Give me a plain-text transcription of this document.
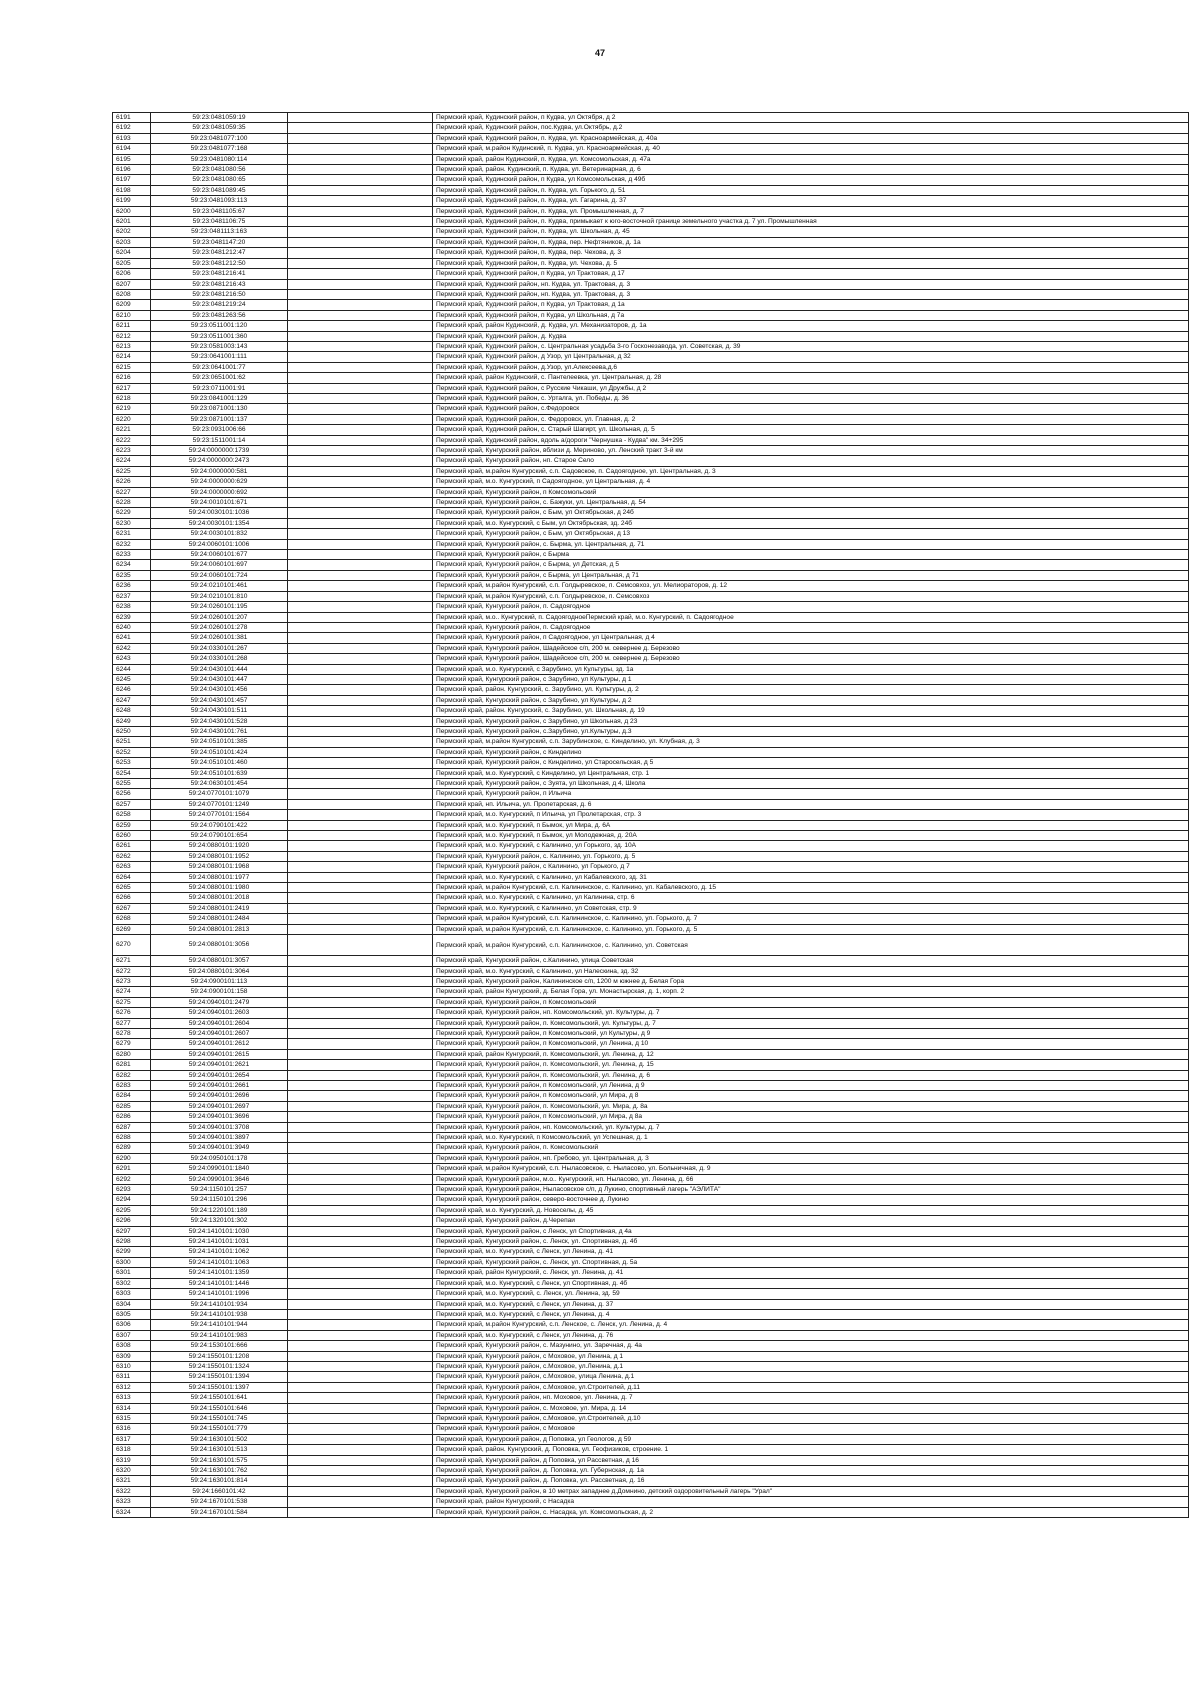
47
6191	59:23:0481059:19		Пермский край, Кудинский район, п Кудва, ул Октября, д 2
6192	59:23:0481059:35		Пермский край, Кудинский район, пос.Кудва, ул.Октябрь, д.2
6193	59:23:0481077:100		Пермский край, Кудинский район, п. Кудва, ул. Красноармейская, д. 40а
6194	59:23:0481077:168		Пермский край, м.район Кудинский, п. Кудва, ул. Красноармейская, д. 40
6195	59:23:0481080:114		Пермский край, район Кудинский, п. Кудва, ул. Комсомольская, д. 47а
6196	59:23:0481080:56		Пермский край, район. Кудинский, п. Кудва, ул. Ветеринарная, д. 6
6197	59:23:0481080:65		Пермский край, Кудинский район, п Кудва, ул Комсомольская, д 49б
6198	59:23:0481089:45		Пермский край, Кудинский район, п. Кудва, ул. Горького, д. 51
6199	59:23:0481093:113		Пермский край, Кудинский район, п. Кудва, ул. Гагарина, д. 37
6200	59:23:0481105:67		Пермский край, Кудинский район, п. Кудва, ул. Промышленная, д. 7
6201	59:23:0481106:75		Пермский край, Кудинский район, п. Кудва, примыкает к юго-восточной границе земельного участка д. 7 ул. Промышленная
6202	59:23:0481113:163		Пермский край, Кудинский район, п. Кудва, ул. Школьная, д. 45
6203	59:23:0481147:20		Пермский край, Кудинский район, п. Кудва, пер. Нефтяников, д. 1а
6204	59:23:0481212:47		Пермский край, Кудинский район, п. Кудва, пер. Чехова, д. 3
6205	59:23:0481212:50		Пермский край, Кудинский район, п. Кудва, ул. Чехова, д. 5
6206	59:23:0481216:41		Пермский край, Кудинский район, п Кудва, ул Трактовая, д 17
6207	59:23:0481216:43		Пермский край, Кудинский район, нп. Кудва, ул. Трактовая, д. 3
6208	59:23:0481216:50		Пермский край, Кудинский район, нп. Кудва, ул. Трактовая, д. 3
6209	59:23:0481219:24		Пермский край, Кудинский район, п Кудва, ул Трактовая, д 1а
6210	59:23:0481263:56		Пермский край, Кудинский район, п Кудва, ул Школьная, д 7а
6211	59:23:0511001:120		Пермский край, район Кудинский, д. Кудва, ул. Механизаторов, д. 1а
6212	59:23:0511001:360		Пермский край, Кудинский район, д. Кудва
6213	59:23:0581003:143		Пермский край, Кудинский район, с. Центральная усадьба 3-го Госконезавода, ул. Советская, д. 39
6214	59:23:0641001:111		Пермский край, Кудинский район, д Узор, ул Центральная, д 32
6215	59:23:0641001:77		Пермский край, Кудинский район, д.Узор, ул.Алексеева,д.6
6216	59:23:0651001:62		Пермский край, район Кудинский, с. Пантелеевка, ул. Центральная, д. 28
6217	59:23:0711001:91		Пермский край, Кудинский район, с Русские Чикаши, ул Дружбы, д 2
6218	59:23:0841001:129		Пермский край, Кудинский район, с. Урталга, ул. Победы, д. 36
6219	59:23:0871001:130		Пермский край, Кудинский район, с.Федоровск
6220	59:23:0871001:137		Пермский край, Кудинский район, с. Федоровск, ул. Главная, д. 2
6221	59:23:0931006:66		Пермский край, Кудинский район, с. Старый Шагирт, ул. Школьная, д. 5
6222	59:23:1511001:14		Пермский край, Кудинский район, вдоль а/дороги "Чернушка - Кудва" км. 34+295
6223	59:24:0000000:1739		Пермский край, Кунгурский район, вблизи д. Мериново, ул. Ленский тракт 3-й км
6224	59:24:0000000:2473		Пермский край, Кунгурский район, нп. Старое Село
6225	59:24:0000000:581		Пермский край, м.район Кунгурский, с.п. Садовское, п. Садоягодное, ул. Центральная, д. 3
6226	59:24:0000000:629		Пермский край, м.о. Кунгурский, п Садоягодное, ул Центральная, д. 4
6227	59:24:0000000:692		Пермский край, Кунгурский район, п Комсомольский
6228	59:24:0010101:671		Пермский край, Кунгурский район, с. Бажуки, ул. Центральная, д. 54
6229	59:24:0030101:1036		Пермский край, Кунгурский район, с Бым, ул Октябрьская, д 24б
6230	59:24:0030101:1354		Пермский край, м.о. Кунгурский, с Бым, ул Октябрьская, зд. 24б
6231	59:24:0030101:832		Пермский край, Кунгурский район, с Бым, ул Октябрьская, д 13
6232	59:24:0060101:1006		Пермский край, Кунгурский район, с. Бырма, ул. Центральная, д. 71
6233	59:24:0060101:677		Пермский край, Кунгурский район, с Бырма
6234	59:24:0060101:697		Пермский край, Кунгурский район, с Бырма, ул Детская, д 5
6235	59:24:0060101:724		Пермский край, Кунгурский район, с Бырма, ул Центральная, д 71
6236	59:24:0210101:461		Пермский край, м.район Кунгурский, с.п. Голдыревское, п. Семсовхоз, ул. Мелиораторов, д. 12
6237	59:24:0210101:810		Пермский край, м.район Кунгурский, с.п. Голдыревское, п. Семсовхоз
6238	59:24:0260101:195		Пермский край, Кунгурский район, п. Садоягодное
6239	59:24:0260101:207		Пермский край, м.о.. Кунгурский, п. СадоягодноеПермский край, м.о. Кунгурский, п. Садоягодное
6240	59:24:0260101:278		Пермский край, Кунгурский район, п. Садоягодное
6241	59:24:0260101:381		Пермский край, Кунгурский район, п Садоягодное, ул Центральная, д 4
6242	59:24:0330101:267		Пермский край, Кунгурский район, Шадейское с/п, 200 м. севернее д. Березово
6243	59:24:0330101:268		Пермский край, Кунгурский район, Шадейское с/п, 200 м. севернее д. Березово
6244	59:24:0430101:444		Пермский край, м.о. Кунгурский, с Зарубино, ул Культуры, зд. 1а
6245	59:24:0430101:447		Пермский край, Кунгурский район, с Зарубино, ул Культуры, д 1
6246	59:24:0430101:456		Пермский край, район. Кунгурский, с. Зарубино, ул. Культуры, д. 2
6247	59:24:0430101:457		Пермский край, Кунгурский район, с Зарубино, ул Культуры, д 2
6248	59:24:0430101:511		Пермский край, район. Кунгурский, с. Зарубино, ул. Школьная, д. 19
6249	59:24:0430101:528		Пермский край, Кунгурский район, с Зарубино, ул Школьная, д 23
6250	59:24:0430101:761		Пермский край, Кунгурский район, с.Зарубино, ул.Культуры, д.3
6251	59:24:0510101:385		Пермский край, м.район Кунгурский, с.п. Зарубинское, с. Кинделино, ул. Клубная, д. 3
6252	59:24:0510101:424		Пермский край, Кунгурский район, с Кинделино
6253	59:24:0510101:460		Пермский край, Кунгурский район, с Кинделино, ул Старосельская, д 5
6254	59:24:0510101:639		Пермский край, м.о. Кунгурский, с Кинделино, ул Центральная, стр. 1
6255	59:24:0630101:454		Пермский край, Кунгурский район, с Зуята, ул Школьная, д 4, Школа
6256	59:24:0770101:1079		Пермский край, Кунгурский район, п Ильича
6257	59:24:0770101:1249		Пермский край, нп. Ильича, ул. Пролетарская, д. 6
6258	59:24:0770101:1564		Пермский край, м.о. Кунгурский, п Ильича, ул Пролетарская, стр. 3
6259	59:24:0790101:422		Пермский край, м.о. Кунгурский, п Бымок, ул Мира, д. 6А
6260	59:24:0790101:654		Пермский край, м.о. Кунгурский, п Бымок, ул Молодежная, д. 20А
6261	59:24:0880101:1920		Пермский край, м.о. Кунгурский, с Калинино, ул Горького, зд. 10А
6262	59:24:0880101:1952		Пермский край, Кунгурский район, с. Калинино, ул. Горького, д. 5
6263	59:24:0880101:1968		Пермский край, Кунгурский район, с Калинино, ул Горького, д 7
6264	59:24:0880101:1977		Пермский край, м.о. Кунгурский, с Калинино, ул Кабалевского, зд. 31
6265	59:24:0880101:1980		Пермский край, м.район Кунгурский, с.п. Калининское, с. Калинино, ул. Кабалевского, д. 15
6266	59:24:0880101:2018		Пермский край, м.о. Кунгурский, с Калинино, ул Калинина, стр. 6
6267	59:24:0880101:2419		Пермский край, м.о. Кунгурский, с Калинино, ул Советская, стр. 9
6268	59:24:0880101:2484		Пермский край, м.район Кунгурский, с.п. Калининское, с. Калинино, ул. Горького, д. 7
6269	59:24:0880101:2813		Пермский край, м.район Кунгурский, с.п. Калининское, с. Калинино, ул. Горького, д. 5
6270	59:24:0880101:3056		Пермский край, м.район Кунгурский, с.п. Калининское, с. Калинино, ул. Советская
6271	59:24:0880101:3057		Пермский край, Кунгурский район, с.Калинино, улица Советская
6272	59:24:0880101:3064		Пермский край, м.о. Кунгурский, с Калинино, ул Налескина, зд. 32
6273	59:24:0900101:113		Пермский край, Кунгурский район, Калининское с/п, 1200 м южнее д. Белая Гора
6274	59:24:0900101:158		Пермский край, район Кунгурский, д. Белая Гора, ул. Монастырская, д. 1, корп. 2
6275	59:24:0940101:2479		Пермский край, Кунгурский район, п Комсомольский
6276	59:24:0940101:2603		Пермский край, Кунгурский район, нп. Комсомольский, ул. Культуры, д. 7
6277	59:24:0940101:2604		Пермский край, Кунгурский район, п. Комсомольский, ул. Культуры, д. 7
6278	59:24:0940101:2607		Пермский край, Кунгурский район, п Комсомольский, ул Культуры, д 9
6279	59:24:0940101:2612		Пермский край, Кунгурский район, п Комсомольский, ул Ленина, д 10
6280	59:24:0940101:2615		Пермский край, район Кунгурский, п. Комсомольский, ул. Ленина, д. 12
6281	59:24:0940101:2621		Пермский край, Кунгурский район, п. Комсомольский, ул. Ленина, д. 15
6282	59:24:0940101:2654		Пермский край, Кунгурский район, п. Комсомольский, ул. Ленина, д. 6
6283	59:24:0940101:2661		Пермский край, Кунгурский район, п Комсомольский, ул Ленина, д 9
6284	59:24:0940101:2696		Пермский край, Кунгурский район, п Комсомольский, ул Мира, д 8
6285	59:24:0940101:2697		Пермский край, Кунгурский район, п. Комсомольский, ул. Мира, д. 8а
6286	59:24:0940101:3696		Пермский край, Кунгурский район, п Комсомольский, ул Мира, д 8а
6287	59:24:0940101:3708		Пермский край, Кунгурский район, нп. Комсомольский, ул. Культуры, д. 7
6288	59:24:0940101:3897		Пермский край, м.о. Кунгурский, п Комсомольский, ул Успешная, д. 1
6289	59:24:0940101:3949		Пермский край, Кунгурский район, п. Комсомольский
6290	59:24:0950101:178		Пермский край, Кунгурский район, нп. Гребово, ул. Центральная, д. 3
6291	59:24:0990101:1840		Пермский край, м.район Кунгурский, с.п. Ныласовское, с. Ныласово, ул. Больничная, д. 9
6292	59:24:0990101:3646		Пермский край, Кунгурский район, м.о.. Кунгурский, нп. Ныласово, ул. Ленина, д. 66
6293	59:24:1150101:257		Пермский край, Кунгурский район, Ныласовское с/п, д Лукино, спортивный лагерь "АЭЛИТА"
6294	59:24:1150101:296		Пермский край, Кунгурский район, северо-восточнее д. Лукино
6295	59:24:1220101:189		Пермский край, м.о. Кунгурский, д. Новоселы, д. 45
6296	59:24:1320101:302		Пермский край, Кунгурский район, д.Черепаи
6297	59:24:1410101:1030		Пермский край, Кунгурский район, с Ленск, ул Спортивная, д 4а
6298	59:24:1410101:1031		Пермский край, Кунгурский район, с. Ленск, ул. Спортивная, д. 4б
6299	59:24:1410101:1062		Пермский край, м.о. Кунгурский, с Ленск, ул Ленина, д. 41
6300	59:24:1410101:1063		Пермский край, Кунгурский район, с. Ленск, ул. Спортивная, д. 5а
6301	59:24:1410101:1359		Пермский край, район Кунгурский, с. Ленск, ул. Ленина, д. 41
6302	59:24:1410101:1446		Пермский край, м.о. Кунгурский, с Ленск, ул Спортивная, д. 4б
6303	59:24:1410101:1996		Пермский край, м.о. Кунгурский, с. Ленск, ул. Ленина, зд. 59
6304	59:24:1410101:934		Пермский край, м.о. Кунгурский, с Ленск, ул Ленина, д. 37
6305	59:24:1410101:938		Пермский край, м.о. Кунгурский, с Ленск, ул Ленина, д. 4
6306	59:24:1410101:944		Пермский край, м.район Кунгурский, с.п. Ленское, с. Ленск, ул. Ленина, д. 4
6307	59:24:1410101:983		Пермский край, м.о. Кунгурский, с Ленск, ул Ленина, д. 76
6308	59:24:1530101:666		Пермский край, Кунгурский район, с. Мазунино, ул. Заречная, д. 4а
6309	59:24:1550101:1208		Пермский край, Кунгурский район, с Моховое, ул Ленина, д 1
6310	59:24:1550101:1324		Пермский край, Кунгурский район, с.Моховое, ул.Ленина, д.1
6311	59:24:1550101:1394		Пермский край, Кунгурский район, с.Моховое, улица Ленина, д.1
6312	59:24:1550101:1397		Пермский край, Кунгурский район, с.Моховое, ул.Строителей, д.11
6313	59:24:1550101:641		Пермский край, Кунгурский район, нп. Моховое, ул. Ленина, д. 7
6314	59:24:1550101:646		Пермский край, Кунгурский район, с. Моховое, ул. Мира, д. 14
6315	59:24:1550101:745		Пермский край, Кунгурский район, с.Моховое, ул.Строителей, д.10
6316	59:24:1550101:779		Пермский край, Кунгурский район, с Моховое
6317	59:24:1630101:502		Пермский край, Кунгурский район, д Поповка, ул Геологов, д 59
6318	59:24:1630101:513		Пермский край, район. Кунгурский, д. Поповка, ул. Геофизиков, строение. 1
6319	59:24:1630101:575		Пермский край, Кунгурский район, д Поповка, ул Рассветная, д 16
6320	59:24:1630101:762		Пермский край, Кунгурский район, д. Поповка, ул. Губернская, д. 1а
6321	59:24:1630101:814		Пермский край, Кунгурский район, д. Поповка, ул. Рассветная, д. 16
6322	59:24:1660101:42		Пермский край, Кунгурский район, в 10 метрах западнее д.Домнино, детский оздоровительный лагерь "Урал"
6323	59:24:1670101:538		Пермский край, район Кунгурский, с Насадка
6324	59:24:1670101:584		Пермский край, Кунгурский район, с. Насадка, ул. Комсомольская, д. 2
